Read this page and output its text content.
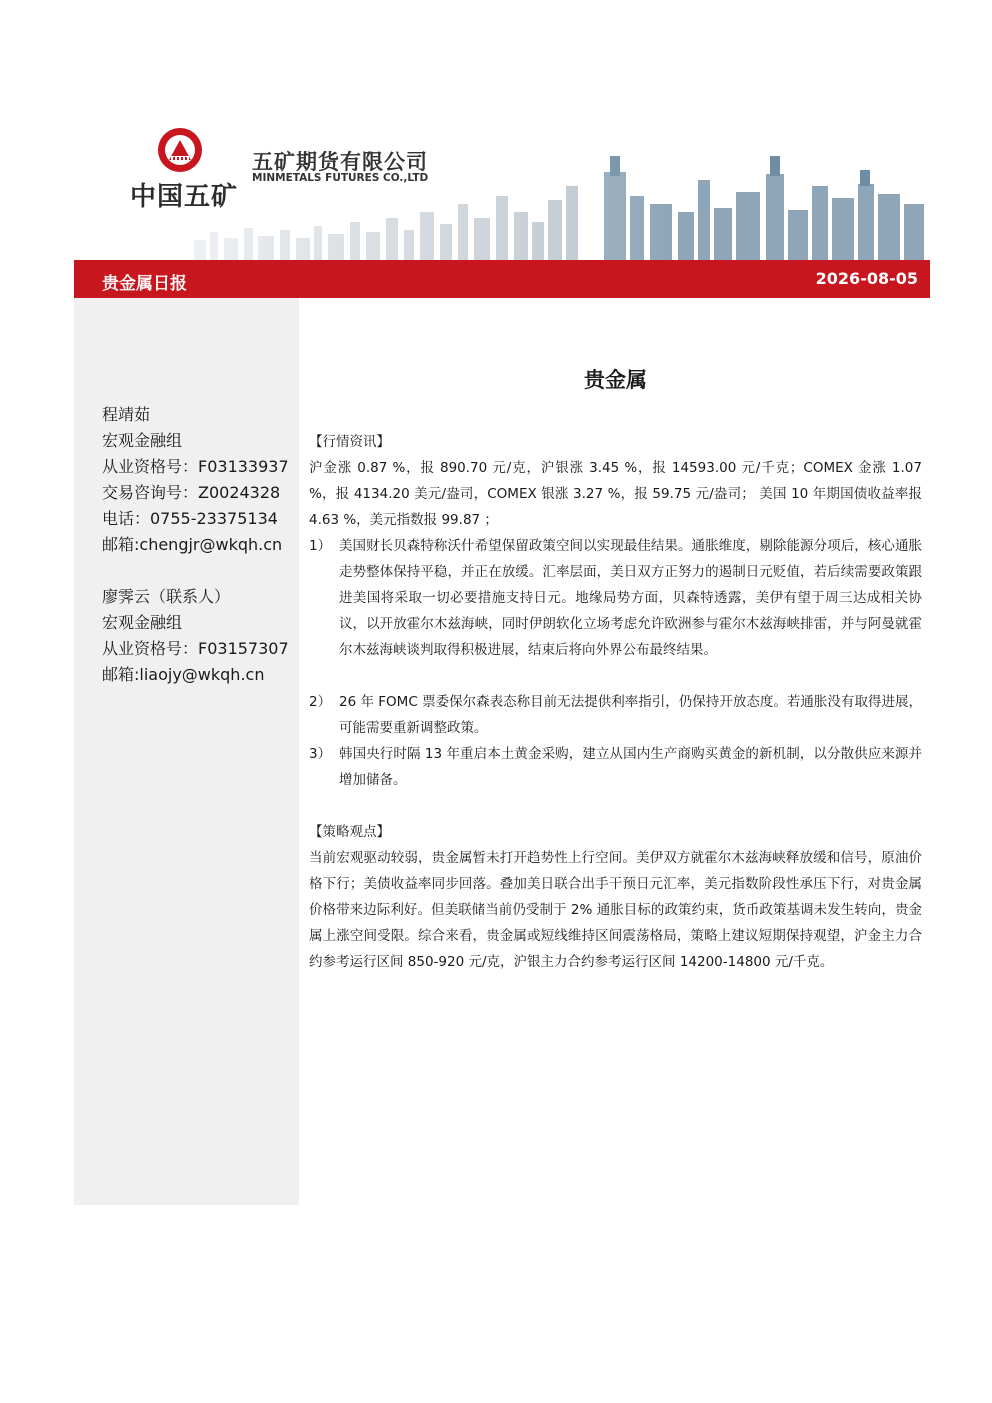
中国五矿
五矿期货有限公司
MINMETALS FUTURES CO.,LTD
贵金属日报	2026-08-05
程靖茹
宏观金融组
从业资格号：F03133937
交易咨询号：Z0024328
电话：0755-23375134
邮箱:chengjr@wkqh.cn
廖霁云（联系人）
宏观金融组
从业资格号：F03157307
邮箱:liaojy@wkqh.cn
贵金属
【行情资讯】
沪金涨 0.87 %，报 890.70 元/克，沪银涨 3.45 %，报 14593.00 元/千克；COMEX 金涨 1.07 %，报 4134.20 美元/盎司，COMEX 银涨 3.27 %，报 59.75 元/盎司； 美国 10 年期国债收益率报 4.63 %，美元指数报 99.87 ；
1） 美国财长贝森特称沃什希望保留政策空间以实现最佳结果。通胀维度，剔除能源分项后，核心通胀走势整体保持平稳，并正在放缓。汇率层面，美日双方正努力的遏制日元贬值，若后续需要政策跟进美国将采取一切必要措施支持日元。地缘局势方面，贝森特透露，美伊有望于周三达成相关协议，以开放霍尔木兹海峡，同时伊朗软化立场考虑允许欧洲参与霍尔木兹海峡排雷，并与阿曼就霍尔木兹海峡谈判取得积极进展，结束后将向外界公布最终结果。
2） 26 年 FOMC 票委保尔森表态称目前无法提供利率指引，仍保持开放态度。若通胀没有取得进展，可能需要重新调整政策。
3） 韩国央行时隔 13 年重启本土黄金采购，建立从国内生产商购买黄金的新机制，以分散供应来源并增加储备。
【策略观点】
当前宏观驱动较弱，贵金属暂未打开趋势性上行空间。美伊双方就霍尔木兹海峡释放缓和信号，原油价格下行；美债收益率同步回落。叠加美日联合出手干预日元汇率，美元指数阶段性承压下行，对贵金属价格带来边际利好。但美联储当前仍受制于 2% 通胀目标的政策约束，货币政策基调未发生转向，贵金属上涨空间受限。综合来看，贵金属或短线维持区间震荡格局，策略上建议短期保持观望，沪金主力合约参考运行区间 850-920 元/克，沪银主力合约参考运行区间 14200-14800 元/千克。
